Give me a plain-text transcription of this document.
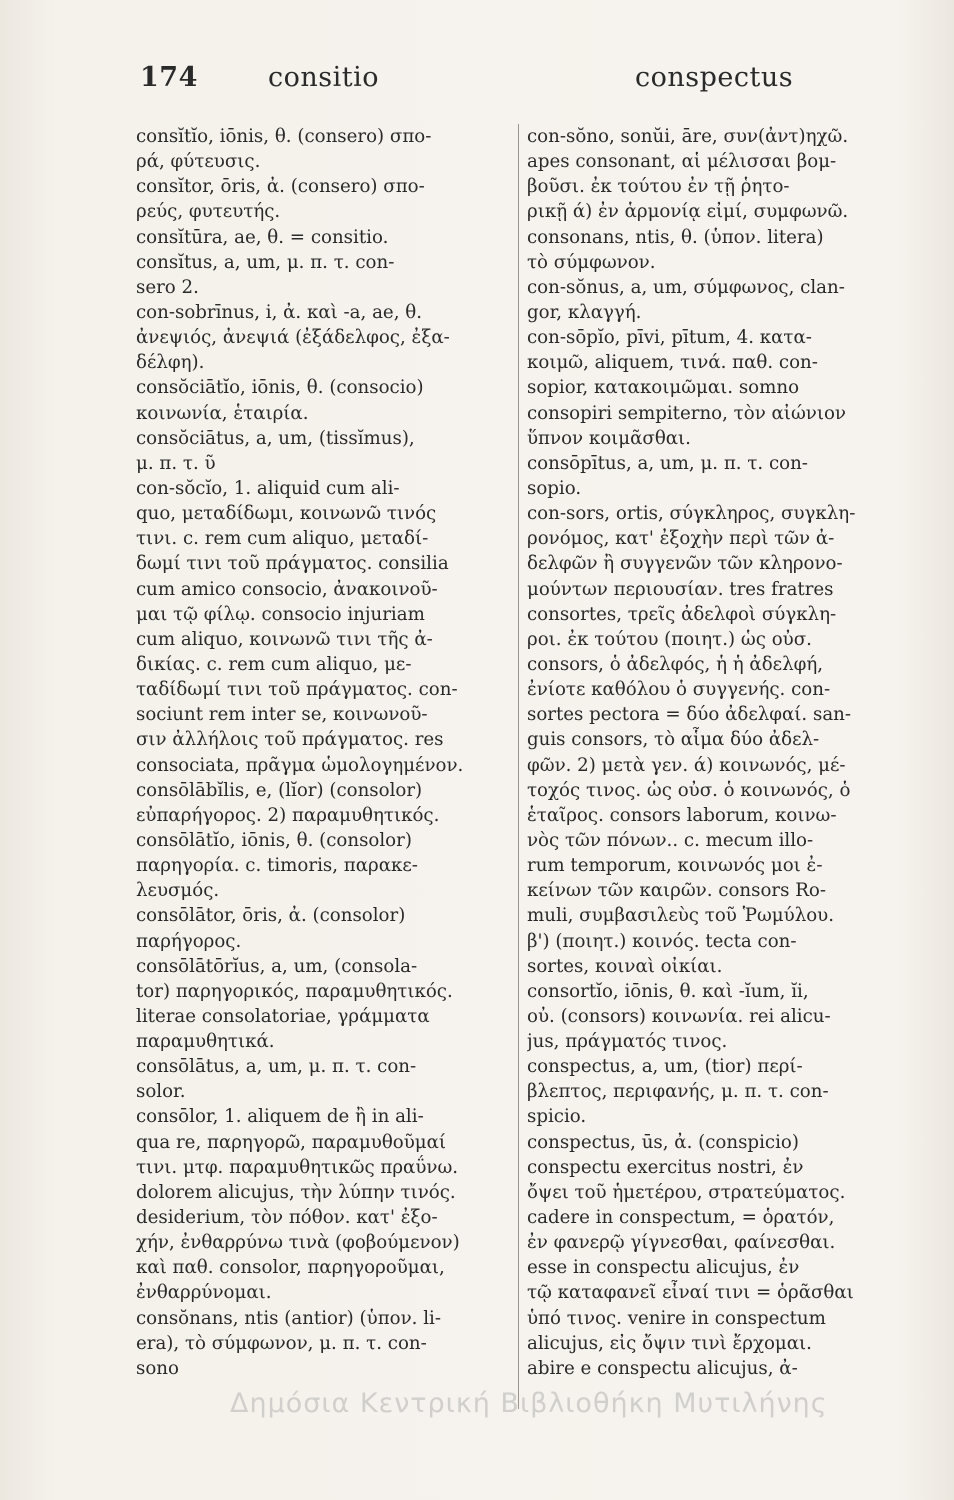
174	consitio	conspectus
consĭtĭo, iōnis, θ. (consero) σπο-
ρά, φύτευσις.
consĭtor, ōris, ἀ. (consero) σπο-
ρεύς, φυτευτής.
consĭtūra, ae, θ. = consitio.
consĭtus, a, um, μ. π. τ. con-
sero 2.
con-sobrīnus, i, ἀ. καὶ -a, ae, θ.
ἀνεψιός, ἀνεψιά (ἐξάδελφος, ἐξα-
δέλφη).
consŏciātĭo, iōnis, θ. (consocio)
κοινωνία, ἑταιρία.
consŏciātus, a, um, (tissĭmus),
μ. π. τ. ῦ
con-sŏcĭo, 1. aliquid cum ali-
quo, μεταδίδωμι, κοινωνῶ τινός
τινι. c. rem cum aliquo, μεταδί-
δωμί τινι τοῦ πράγματος. consilia
cum amico consocio, ἀνακοινοῦ-
μαι τῷ φίλῳ. consocio injuriam
cum aliquo, κοινωνῶ τινι τῆς ἀ-
δικίας. c. rem cum aliquo, με-
ταδίδωμί τινι τοῦ πράγματος. con-
sociunt rem inter se, κοινωνοῦ-
σιν ἀλλήλοις τοῦ πράγματος. res
consociata, πρᾶγμα ὡμολογημένον.
consōlābĭlis, e, (lĭor) (consolor)
εὐπαρήγορος. 2) παραμυθητικός.
consōlātĭo, iōnis, θ. (consolor)
παρηγορία. c. timoris, παρακε-
λευσμός.
consōlātor, ōris, ἀ. (consolor)
παρήγορος.
consōlātōrĭus, a, um, (consola-
tor) παρηγορικός, παραμυθητικός.
literae consolatoriae, γράμματα
παραμυθητικά.
consōlātus, a, um, μ. π. τ. con-
solor.
consōlor, 1. aliquem de ἢ in ali-
qua re, παρηγορῶ, παραμυθοῦμαί
τινι. μτφ. παραμυθητικῶς πραΰνω.
dolorem alicujus, τὴν λύπην τινός.
desiderium, τὸν πόθον. κατ' ἐξο-
χήν, ἐνθαρρύνω τινὰ (φοβούμενον)
καὶ παθ. consolor, παρηγοροῦμαι,
ἐνθαρρύνομαι.
consŏnans, ntis (antior) (ὑπον. li-
era), τὸ σύμφωνον, μ. π. τ. con-
sono
con-sŏno, sonŭi, āre, συν(ἀντ)ηχῶ.
apes consonant, αἱ μέλισσαι βομ-
βοῦσι. ἐκ τούτου ἐν τῇ ῥητο-
ρικῇ ά) ἐν ἁρμονίᾳ εἰμί, συμφωνῶ.
consonans, ntis, θ. (ὑπον. litera)
τὸ σύμφωνον.
con-sŏnus, a, um, σύμφωνος, clan-
gor, κλαγγή.
con-sōpĭo, pīvi, pītum, 4. κατα-
κοιμῶ, aliquem, τινά. παθ. con-
sopior, κατακοιμῶμαι. somno
consopiri sempiterno, τὸν αἰώνιον
ὕπνον κοιμᾶσθαι.
consōpītus, a, um, μ. π. τ. con-
sopio.
con-sors, ortis, σύγκληρος, συγκλη-
ρονόμος, κατ' ἐξοχὴν περὶ τῶν ἀ-
δελφῶν ἢ συγγενῶν τῶν κληρονο-
μούντων περιουσίαν. tres fratres
consortes, τρεῖς ἀδελφοὶ σύγκλη-
ροι. ἐκ τούτου (ποιητ.) ὡς οὐσ.
consors, ὁ ἀδελφός, ἡ ἡ ἀδελφή,
ἐνίοτε καθόλου ὁ συγγενής. con-
sortes pectora = δύο ἀδελφαί. san-
guis consors, τὸ αἷμα δύο ἀδελ-
φῶν. 2) μετὰ γεν. ά) κοινωνός, μέ-
τοχός τινος. ὡς οὐσ. ὁ κοινωνός, ὁ
ἑταῖρος. consors laborum, κοινω-
νὸς τῶν πόνων.. c. mecum illo-
rum temporum, κοινωνός μοι ἐ-
κείνων τῶν καιρῶν. consors Ro-
muli, συμβασιλεὺς τοῦ Ῥωμύλου.
β') (ποιητ.) κοινός. tecta con-
sortes, κοιναὶ οἰκίαι.
consortĭo, iōnis, θ. καὶ -ĭum, ĭi,
οὐ. (consors) κοινωνία. rei alicu-
jus, πράγματός τινος.
conspectus, a, um, (tior) περί-
βλεπτος, περιφανής, μ. π. τ. con-
spicio.
conspectus, ūs, ἀ. (conspicio)
conspectu exercitus nostri, ἐν
ὄψει τοῦ ἡμετέρου, στρατεύματος.
cadere in conspectum, = ὁρατόν,
ἐν φανερῷ γίγνεσθαι, φαίνεσθαι.
esse in conspectu alicujus, ἐν
τῷ καταφανεῖ εἶναί τινι = ὁρᾶσθαι
ὑπό τινος. venire in conspectum
alicujus, εἰς ὄψιν τινὶ ἔρχομαι.
abire e conspectu alicujus, ἀ-
Δημόσια Κεντρική Βιβλιοθήκη Μυτιλήνης
